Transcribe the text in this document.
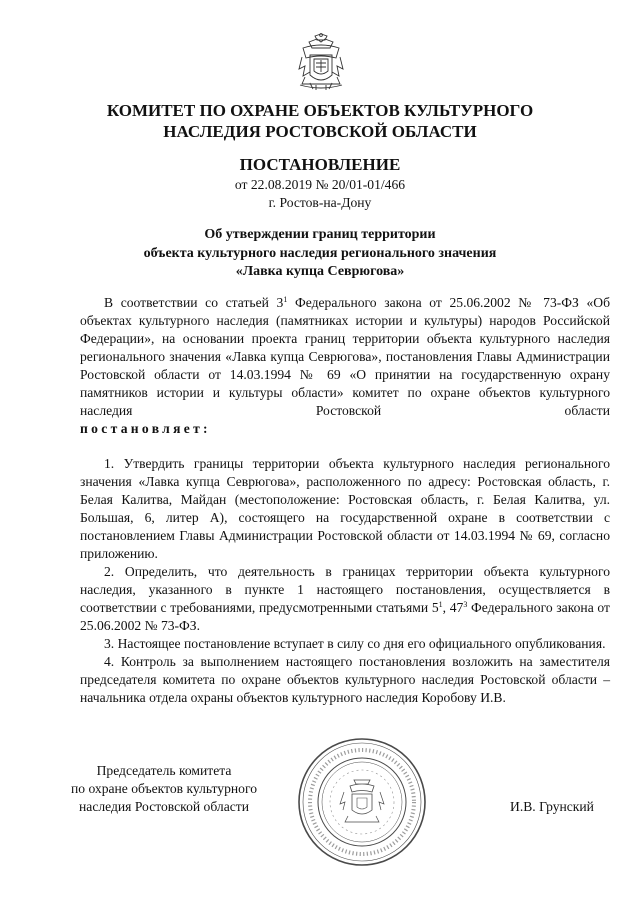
КОМИТЕТ ПО ОХРАНЕ ОБЪЕКТОВ КУЛЬТУРНОГО
НАСЛЕДИЯ РОСТОВСКОЙ ОБЛАСТИ
ПОСТАНОВЛЕНИЕ
от 22.08.2019 № 20/01-01/466
г. Ростов-на-Дону
Об утверждении границ территории
объекта культурного наследия регионального значения
«Лавка купца Севрюгова»

В соответствии со статьей $3^1$ Федерального закона от 25.06.2002 № 73-ФЗ «Об объектах культурного наследия (памятниках истории и культуры) народов Российской Федерации», на основании проекта границ территории объекта культурного наследия регионального значения «Лавка купца Севрюгова», постановления Главы Администрации Ростовской области от 14.03.1994 № 69 «О принятии на государственную охрану памятников истории и культуры области» комитет по охране объектов культурного наследия Ростовской области

постановляет:

1. Утвердить границы территории объекта культурного наследия регионального значения «Лавка купца Севрюгова», расположенного по адресу: Ростовская область, г. Белая Калитва, Майдан (местоположение: Ростовская область, г. Белая Калитва, ул. Большая, 6, литер А), состоящего на государственной охране в соответствии с постановлением Главы Администрации Ростовской области от 14.03.1994 № 69, согласно приложению.

2. Определить, что деятельность в границах территории объекта культурного наследия, указанного в пункте 1 настоящего постановления, осуществляется в соответствии с требованиями, предусмотренными статьями $5^1$, $47^3$ Федерального закона от 25.06.2002 № 73-ФЗ.

3. Настоящее постановление вступает в силу со дня его официального опубликования.

4. Контроль за выполнением настоящего постановления возложить на заместителя председателя комитета по охране объектов культурного наследия Ростовской области – начальника отдела охраны объектов культурного наследия Коробову И.В.

Председатель комитета
по охране объектов культурного
наследия Ростовской области	И.В. Грунский
